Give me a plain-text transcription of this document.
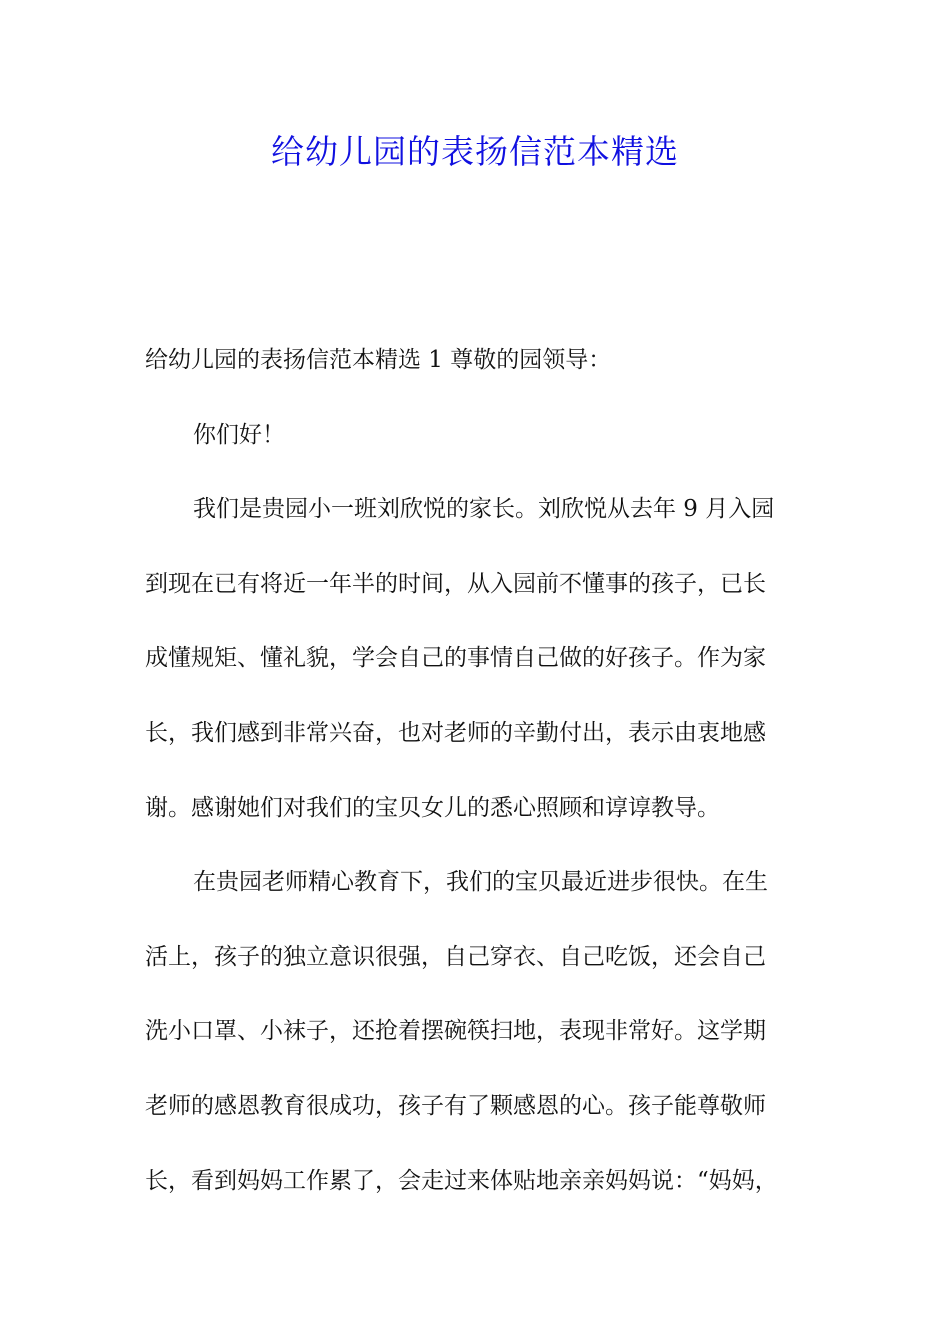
给幼儿园的表扬信范本精选

给幼儿园的表扬信范本精选 1 尊敬的园领导：

你们好！

我们是贵园小一班刘欣悦的家长。刘欣悦从去年 9 月入园

到现在已有将近一年半的时间，从入园前不懂事的孩子，已长

成懂规矩、懂礼貌，学会自己的事情自己做的好孩子。作为家

长，我们感到非常兴奋，也对老师的辛勤付出，表示由衷地感

谢。感谢她们对我们的宝贝女儿的悉心照顾和谆谆教导。

在贵园老师精心教育下，我们的宝贝最近进步很快。在生

活上，孩子的独立意识很强，自己穿衣、自己吃饭，还会自己

洗小口罩、小袜子，还抢着摆碗筷扫地，表现非常好。这学期

老师的感恩教育很成功，孩子有了颗感恩的心。孩子能尊敬师

长，看到妈妈工作累了，会走过来体贴地亲亲妈妈说：“妈妈，
